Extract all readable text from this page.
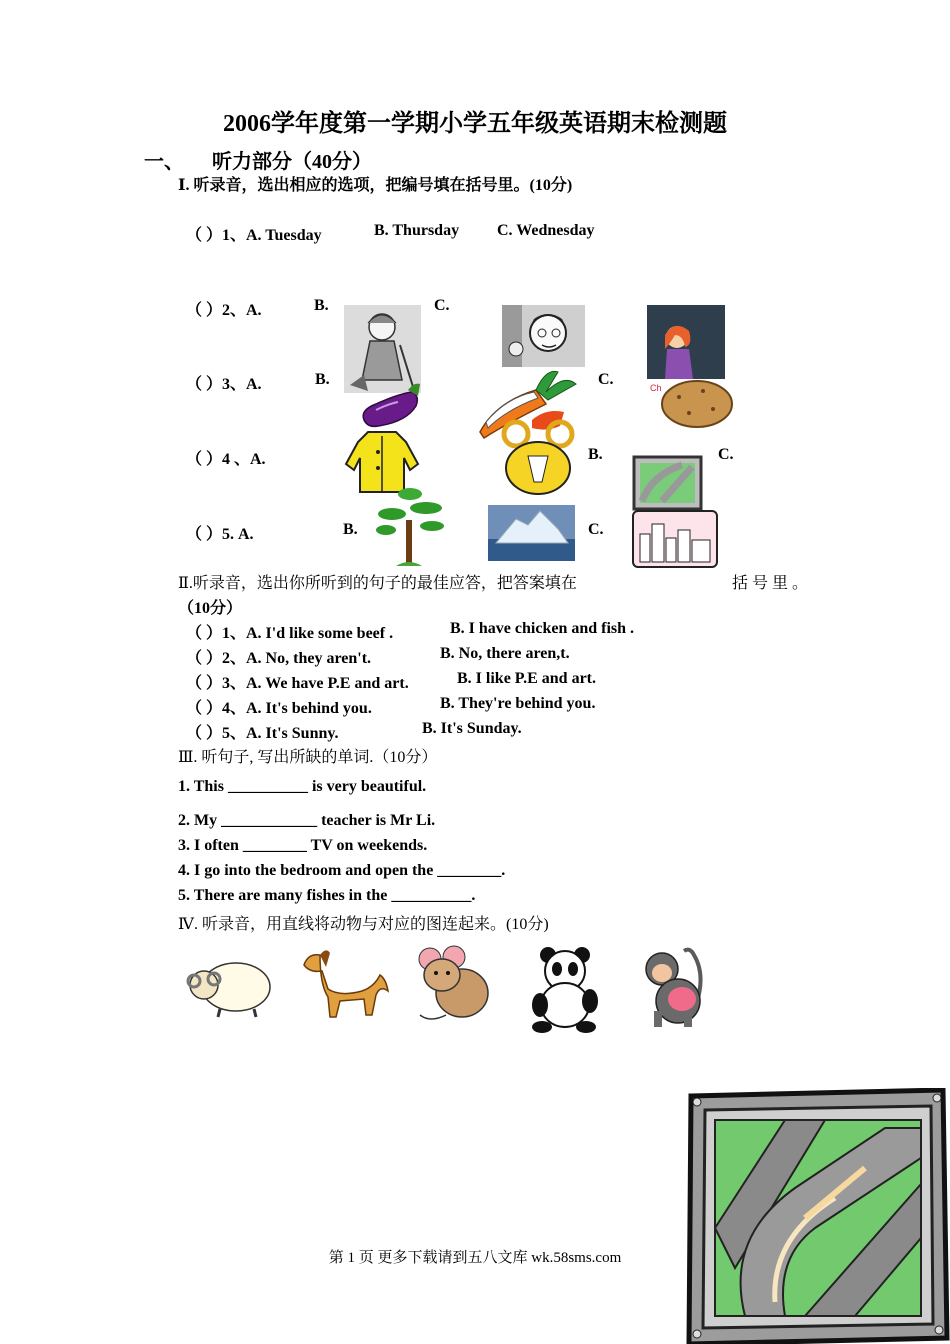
2006学年度第一学期小学五年级英语期末检测题
一、 听力部分（40分）
Ⅰ. 听录音，选出相应的选项，把编号填在括号里。(10分)
（ ）1、A. Tuesday	B. Thursday C. Wednesday
（ ）2、A.	B.	C.
（ ）3、A.	B.	C.
（ ）4 、A.	B.	C.
（ ）5. A.	B.	C.
Ch
Ⅱ.听录音，选出你所听到的句子的最佳应答，把答案填在	括 号 里 。
（10分）
（ ）1、A. I'd like some beef .	B. I have chicken and fish .
（ ）2、A. No, they aren't.	B. No, there aren,t.
（ ）3、A. We have P.E and art.	B. I like P.E and art.
（ ）4、A. It's behind you.	B. They're behind you.
（ ）5、A. It's Sunny.	B. It's Sunday.
Ⅲ. 听句子, 写出所缺的单词.（10分）
1. This __________ is very beautiful.
2. My ____________ teacher is Mr Li.
3. I often ________ TV on weekends.
4. I go into the bedroom and open the ________.
5. There are many fishes in the __________.
Ⅳ. 听录音，用直线将动物与对应的图连起来。(10分)
第 1 页 更多下载请到五八文库 wk.58sms.com
